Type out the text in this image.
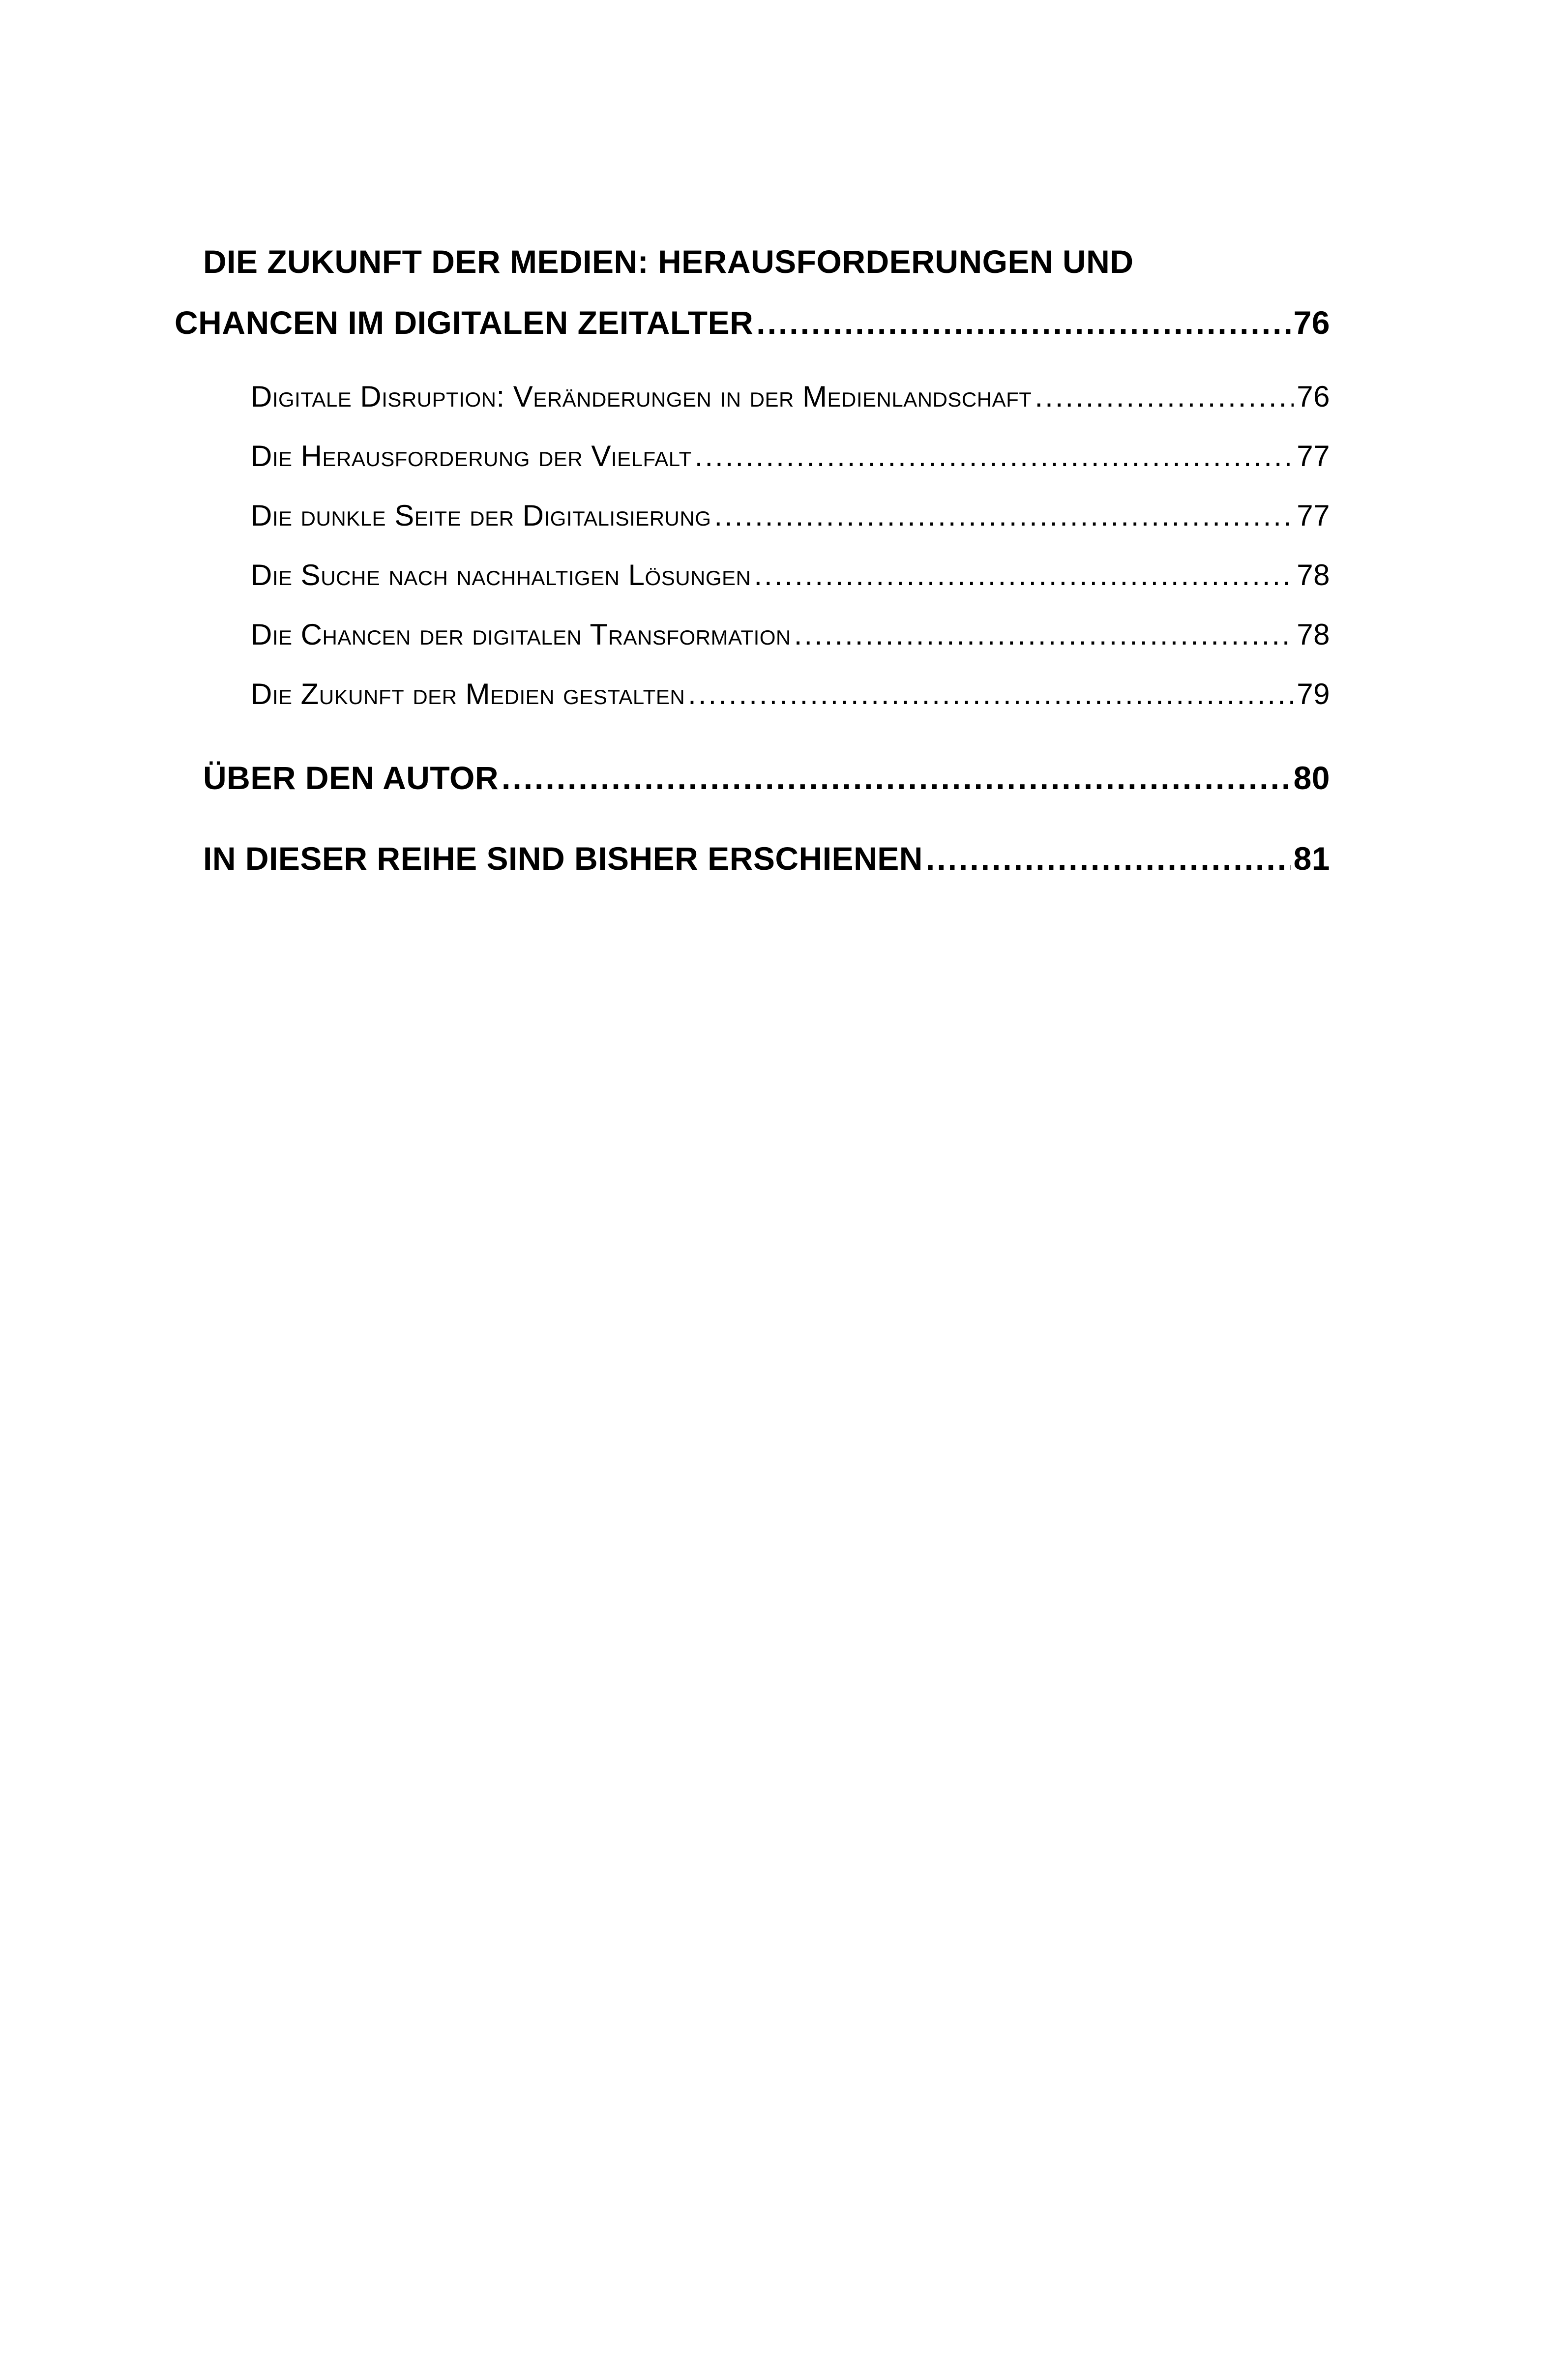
DIE ZUKUNFT DER MEDIEN: HERAUSFORDERUNGEN UND
CHANCEN IM DIGITALEN ZEITALTER .....	76
Digitale Disruption: Veränderungen in der Medienlandschaft .....	76
Die Herausforderung der Vielfalt .....	77
Die dunkle Seite der Digitalisierung .....	77
Die Suche nach nachhaltigen Lösungen .....	78
Die Chancen der digitalen Transformation .....	78
Die Zukunft der Medien gestalten .....	79
ÜBER DEN AUTOR .....	80
IN DIESER REIHE SIND BISHER ERSCHIENEN .....	81
